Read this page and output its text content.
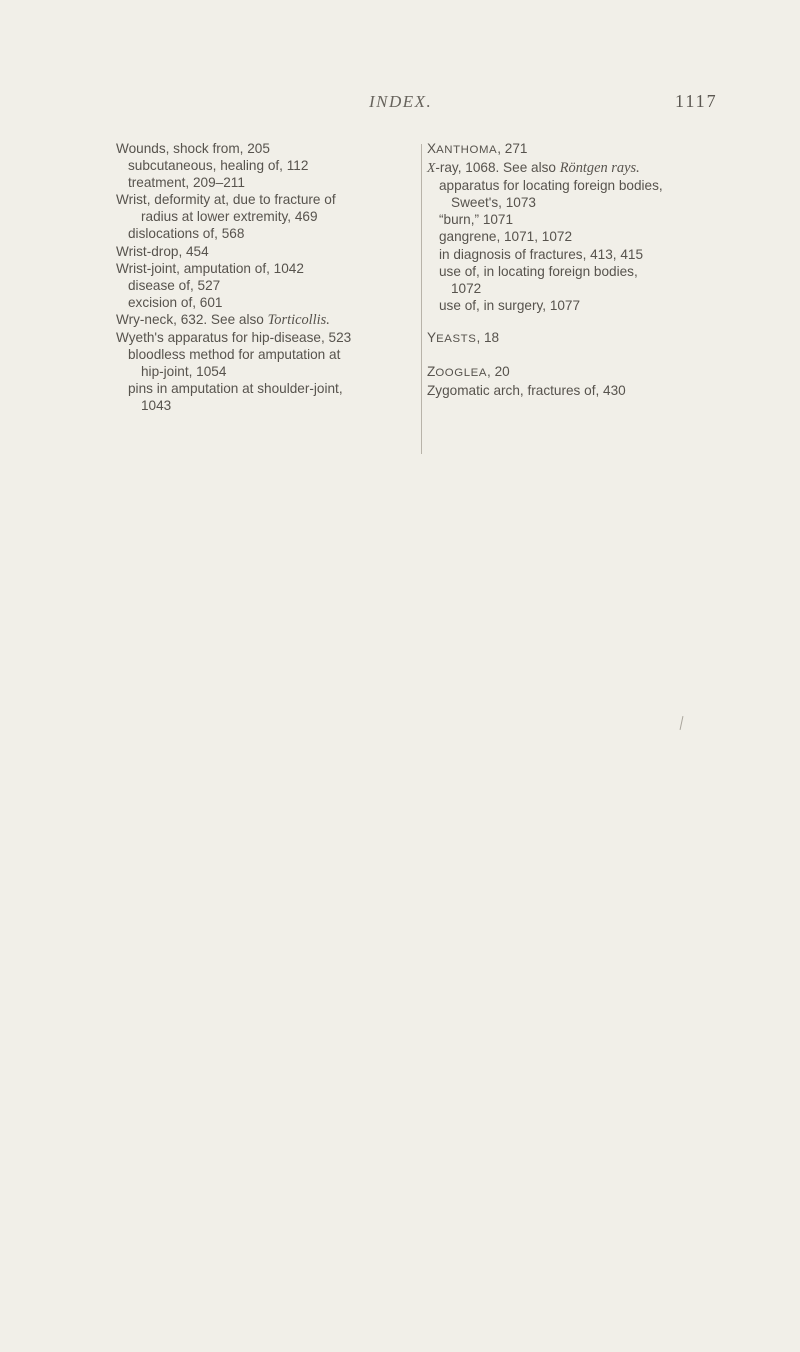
INDEX.	1117
Wounds, shock from, 205
subcutaneous, healing of, 112
treatment, 209–211
Wrist, deformity at, due to fracture of
radius at lower extremity, 469
dislocations of, 568
Wrist-drop, 454
Wrist-joint, amputation of, 1042
disease of, 527
excision of, 601
Wry-neck, 632. See also Torticollis.
Wyeth's apparatus for hip-disease, 523
bloodless method for amputation at
hip-joint, 1054
pins in amputation at shoulder-joint,
1043
XANTHOMA, 271
X-ray, 1068. See also Röntgen rays.
apparatus for locating foreign bodies,
Sweet's, 1073
“burn,” 1071
gangrene, 1071, 1072
in diagnosis of fractures, 413, 415
use of, in locating foreign bodies,
1072
use of, in surgery, 1077
YEASTS, 18
ZOOGLEA, 20
Zygomatic arch, fractures of, 430
